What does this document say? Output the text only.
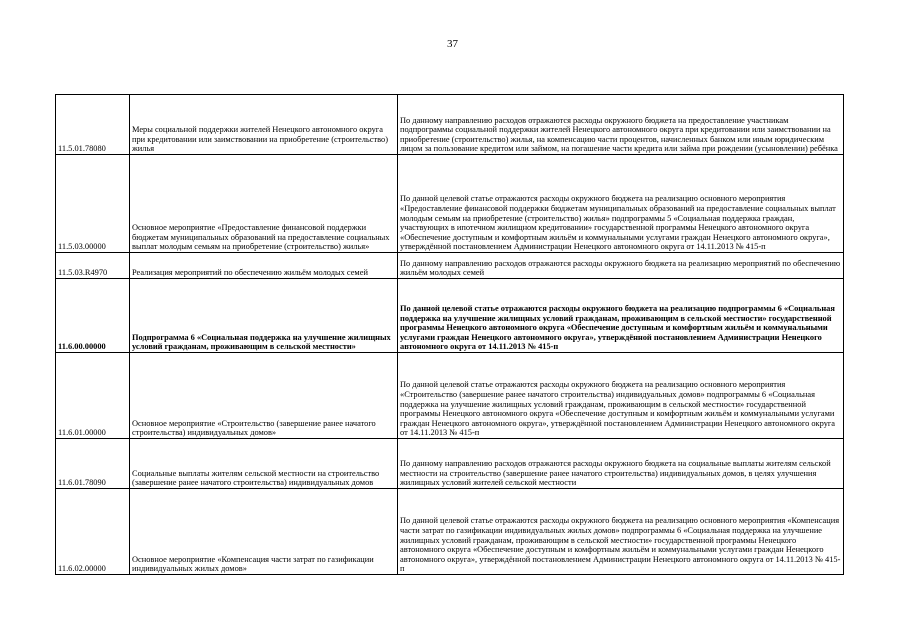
37
11.5.01.78080	Меры социальной поддержки жителей Ненецкого автономного округа при кредитовании или заимствовании на приобретение (строительство) жилья	По данному направлению расходов отражаются расходы окружного бюджета на предоставление участникам подпрограммы социальной поддержки жителей Ненецкого автономного округа при кредитовании или заимствовании на приобретение (строительство) жилья, на компенсацию части процентов, начисленных банком или иным юридическим лицом за пользование кредитом или займом, на погашение части кредита или займа при рождении (усыновлении) ребёнка
11.5.03.00000	Основное мероприятие «Предоставление финансовой поддержки бюджетам муниципальных образований на предоставление социальных выплат молодым семьям на приобретение (строительство) жилья»	По данной целевой статье отражаются расходы окружного бюджета на реализацию основного мероприятия «Предоставление финансовой поддержки бюджетам муниципальных образований на предоставление социальных выплат молодым семьям на приобретение (строительство) жилья» подпрограммы 5 «Социальная поддержка граждан, участвующих в ипотечном жилищном кредитовании» государственной программы Ненецкого автономного округа «Обеспечение доступным и комфортным жильём и коммунальными услугами граждан Ненецкого автономного округа», утверждённой постановлением Администрации Ненецкого автономного округа от 14.11.2013 № 415-п
11.5.03.R4970	Реализация мероприятий по обеспечению жильём молодых семей	По данному направлению расходов отражаются расходы окружного бюджета на реализацию мероприятий по обеспечению жильём молодых семей
11.6.00.00000	Подпрограмма 6 «Социальная поддержка на улучшение жилищных условий гражданам, проживающим в сельской местности»	По данной целевой статье отражаются расходы окружного бюджета на реализацию подпрограммы 6 «Социальная поддержка на улучшение жилищных условий гражданам, проживающим в сельской местности» государственной программы Ненецкого автономного округа «Обеспечение доступным и комфортным жильём и коммунальными услугами граждан Ненецкого автономного округа», утверждённой постановлением Администрации Ненецкого автономного округа от 14.11.2013 № 415-п
11.6.01.00000	Основное мероприятие «Строительство (завершение ранее начатого строительства) индивидуальных домов»	По данной целевой статье отражаются расходы окружного бюджета на реализацию основного мероприятия «Строительство (завершение ранее начатого строительства) индивидуальных домов» подпрограммы 6 «Социальная поддержка на улучшение жилищных условий гражданам, проживающим в сельской местности» государственной программы Ненецкого автономного округа «Обеспечение доступным и комфортным жильём и коммунальными услугами граждан Ненецкого автономного округа», утверждённой постановлением Администрации Ненецкого автономного округа от 14.11.2013 № 415-п
11.6.01.78090	Социальные выплаты жителям сельской местности на строительство (завершение ранее начатого строительства) индивидуальных домов	По данному направлению расходов отражаются расходы окружного бюджета на социальные выплаты жителям сельской местности на строительство (завершение ранее начатого строительства) индивидуальных домов, в целях улучшения жилищных условий жителей сельской местности
11.6.02.00000	Основное мероприятие «Компенсация части затрат по газификации индивидуальных жилых домов»	По данной целевой статье отражаются расходы окружного бюджета на реализацию основного мероприятия «Компенсация части затрат по газификации индивидуальных жилых домов» подпрограммы 6 «Социальная поддержка на улучшение жилищных условий гражданам, проживающим в сельской местности» государственной программы Ненецкого автономного округа «Обеспечение доступным и комфортным жильём и коммунальными услугами граждан Ненецкого автономного округа», утверждённой постановлением Администрации Ненецкого автономного округа от 14.11.2013 № 415-п
